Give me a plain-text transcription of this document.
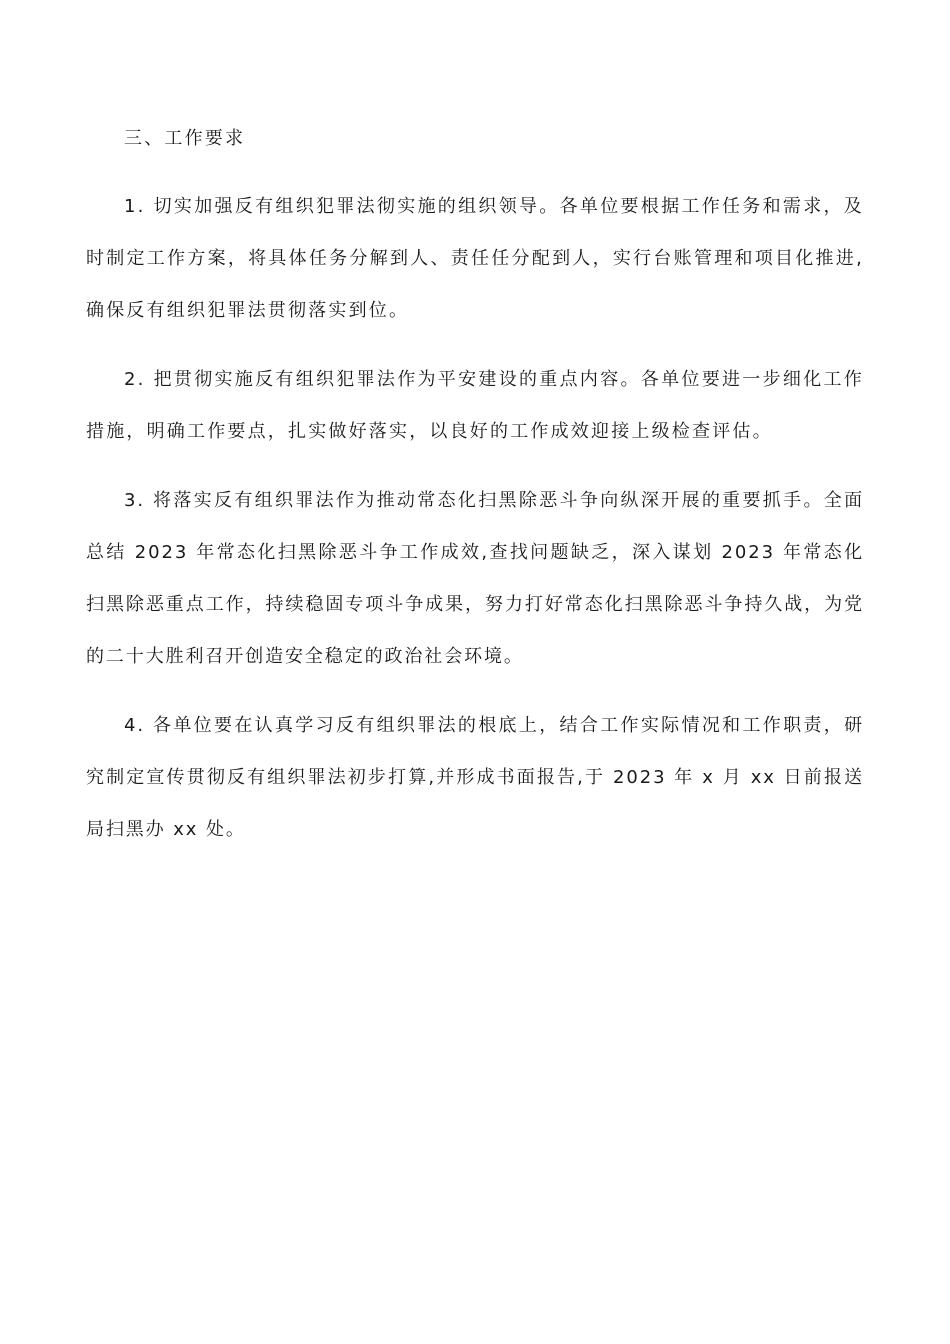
三、工作要求

1. 切实加强反有组织犯罪法彻实施的组织领导。各单位要根据工作任务和需求，及时制定工作方案，将具体任务分解到人、责任任分配到人，实行台账管理和项目化推进,确保反有组织犯罪法贯彻落实到位。

2. 把贯彻实施反有组织犯罪法作为平安建设的重点内容。各单位要进一步细化工作措施，明确工作要点，扎实做好落实，以良好的工作成效迎接上级检查评估。

3. 将落实反有组织罪法作为推动常态化扫黑除恶斗争向纵深开展的重要抓手。全面总结 2023 年常态化扫黑除恶斗争工作成效,查找问题缺乏，深入谋划 2023 年常态化扫黑除恶重点工作，持续稳固专项斗争成果，努力打好常态化扫黑除恶斗争持久战，为党的二十大胜利召开创造安全稳定的政治社会环境。

4. 各单位要在认真学习反有组织罪法的根底上，结合工作实际情况和工作职责，研究制定宣传贯彻反有组织罪法初步打算,并形成书面报告,于 2023 年 x 月 xx 日前报送局扫黑办 xx 处。
